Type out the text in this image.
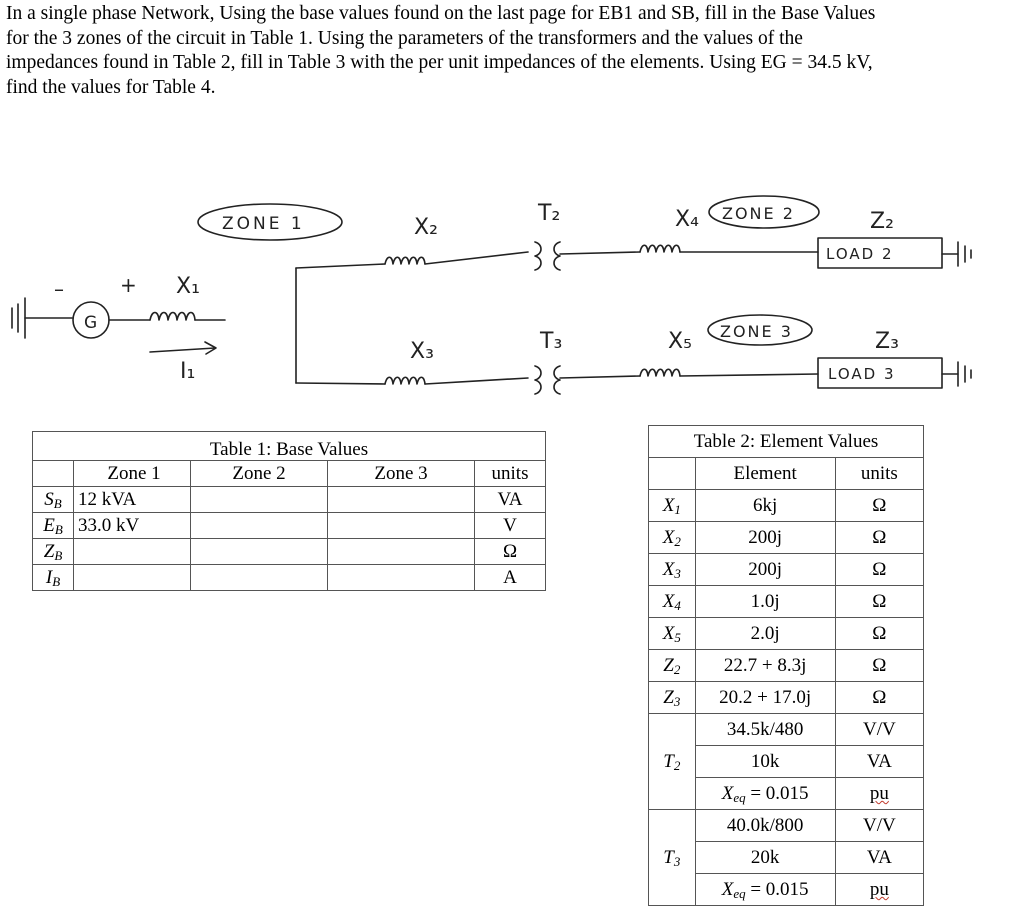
In a single phase Network, Using the base values found on the last page for EB1 and SB, fill in the Base Values

for the 3 zones of the circuit in Table 1. Using the parameters of the transformers and the values of the

impedances found in Table 2, fill in Table 3 with the per unit impedances of the elements. Using EG = 34.5 kV,

find the values for Table 4.

G
–	+ X₁
I₁
ZONE 1	X₂
T₂	X₄ ZONE 2	Z₂
LOAD 2
X₃	T₃	X₅ ZONE 3	Z₃
LOAD 3
Table 1: Base Values				
	Zone 1	Zone 2	Zone 3	units
SB	12 kVA			VA
EB	33.0 kV			V
ZB				Ω
IB				A
Table 2: Element Values		
	Element	units
X1	6kj	Ω
X2	200j	Ω
X3	200j	Ω
X4	1.0j	Ω
X5	2.0j	Ω
Z2	22.7 + 8.3j	Ω
Z3	20.2 + 17.0j	Ω
T2	34.5k/480	V/V
	10k	VA
	Xeq = 0.015	pu
T3	40.0k/800	V/V
	20k	VA
	Xeq = 0.015	pu
